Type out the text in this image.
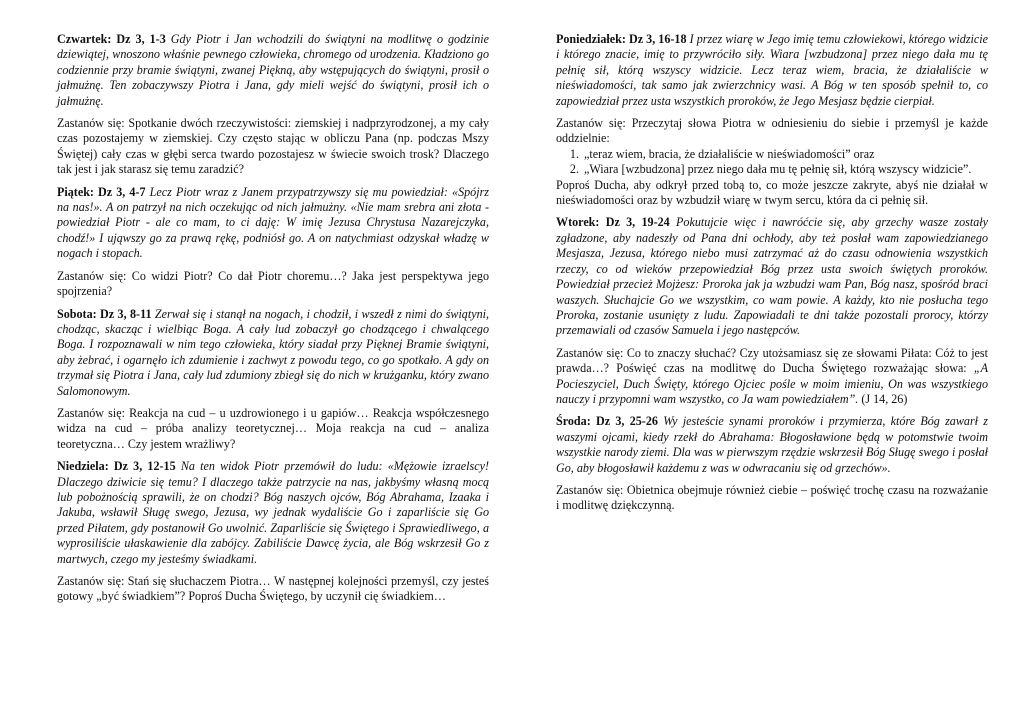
Czwartek: Dz 3, 1-3 Gdy Piotr i Jan wchodzili do świątyni na modlitwę o godzinie dziewiątej, wnoszono właśnie pewnego człowieka, chromego od urodzenia. Kładziono go codziennie przy bramie świątyni, zwanej Piękną, aby wstępujących do świątyni, prosił o jałmużnę. Ten zobaczywszy Piotra i Jana, gdy mieli wejść do świątyni, prosił ich o jałmużnę.

Zastanów się: Spotkanie dwóch rzeczywistości: ziemskiej i nadprzyrodzonej, a my cały czas pozostajemy w ziemskiej. Czy często stając w obliczu Pana (np. podczas Mszy Świętej) cały czas w głębi serca twardo pozostajesz w świecie swoich trosk? Dlaczego tak jest i jak starasz się temu zaradzić?

Piątek: Dz 3, 4-7 Lecz Piotr wraz z Janem przypatrzywszy się mu powiedział: «Spójrz na nas!». A on patrzył na nich oczekując od nich jałmużny. «Nie mam srebra ani złota - powiedział Piotr - ale co mam, to ci daję: W imię Jezusa Chrystusa Nazarejczyka, chodź!» I ująwszy go za prawą rękę, podniósł go. A on natychmiast odzyskał władzę w nogach i stopach.

Zastanów się: Co widzi Piotr? Co dał Piotr choremu…? Jaka jest perspektywa jego spojrzenia?

Sobota: Dz 3, 8-11 Zerwał się i stanął na nogach, i chodził, i wszedł z nimi do świątyni, chodząc, skacząc i wielbiąc Boga. A cały lud zobaczył go chodzącego i chwalącego Boga. I rozpoznawali w nim tego człowieka, który siadał przy Pięknej Bramie świątyni, aby żebrać, i ogarnęło ich zdumienie i zachwyt z powodu tego, co go spotkało. A gdy on trzymał się Piotra i Jana, cały lud zdumiony zbiegł się do nich w krużganku, który zwano Salomonowym.

Zastanów się: Reakcja na cud – u uzdrowionego i u gapiów… Reakcja współczesnego widza na cud – próba analizy teoretycznej… Moja reakcja na cud – analiza teoretyczna… Czy jestem wrażliwy?

Niedziela: Dz 3, 12-15 Na ten widok Piotr przemówił do ludu: «Mężowie izraelscy! Dlaczego dziwicie się temu? I dlaczego także patrzycie na nas, jakbyśmy własną mocą lub pobożnością sprawili, że on chodzi? Bóg naszych ojców, Bóg Abrahama, Izaaka i Jakuba, wsławił Sługę swego, Jezusa, wy jednak wydaliście Go i zaparliście się Go przed Piłatem, gdy postanowił Go uwolnić. Zaparliście się Świętego i Sprawiedliwego, a wyprosiliście ułaskawienie dla zabójcy. Zabiliście Dawcę życia, ale Bóg wskrzesił Go z martwych, czego my jesteśmy świadkami.

Zastanów się: Stań się słuchaczem Piotra… W następnej kolejności przemyśl, czy jesteś gotowy „być świadkiem”? Poproś Ducha Świętego, by uczynił cię świadkiem…

Poniedziałek: Dz 3, 16-18 I przez wiarę w Jego imię temu człowiekowi, którego widzicie i którego znacie, imię to przywróciło siły. Wiara [wzbudzona] przez niego dała mu tę pełnię sił, którą wszyscy widzicie. Lecz teraz wiem, bracia, że działaliście w nieświadomości, tak samo jak zwierzchnicy wasi. A Bóg w ten sposób spełnił to, co zapowiedział przez usta wszystkich proroków, że Jego Mesjasz będzie cierpiał.

Zastanów się: Przeczytaj słowa Piotra w odniesieniu do siebie i przemyśl je każde oddzielnie:
1. „teraz wiem, bracia, że działaliście w nieświadomości” oraz
2. „Wiara [wzbudzona] przez niego dała mu tę pełnię sił, którą wszyscy widzicie”.
Poproś Ducha, aby odkrył przed tobą to, co może jeszcze zakryte, abyś nie działał w nieświadomości oraz by wzbudził wiarę w twym sercu, która da ci pełnię sił.

Wtorek: Dz 3, 19-24 Pokutujcie więc i nawróćcie się, aby grzechy wasze zostały zgładzone, aby nadeszły od Pana dni ochłody, aby też posłał wam zapowiedzianego Mesjasza, Jezusa, którego niebo musi zatrzymać aż do czasu odnowienia wszystkich rzeczy, co od wieków przepowiedział Bóg przez usta swoich świętych proroków. Powiedział przecież Mojżesz: Proroka jak ja wzbudzi wam Pan, Bóg nasz, spośród braci waszych. Słuchajcie Go we wszystkim, co wam powie. A każdy, kto nie posłucha tego Proroka, zostanie usunięty z ludu. Zapowiadali te dni także pozostali prorocy, którzy przemawiali od czasów Samuela i jego następców.

Zastanów się: Co to znaczy słuchać? Czy utożsamiasz się ze słowami Piłata: Cóż to jest prawda…? Poświęć czas na modlitwę do Ducha Świętego rozważając słowa: „A Pocieszyciel, Duch Święty, którego Ojciec pośle w moim imieniu, On was wszystkiego nauczy i przypomni wam wszystko, co Ja wam powiedziałem”. (J 14, 26)

Środa: Dz 3, 25-26 Wy jesteście synami proroków i przymierza, które Bóg zawarł z waszymi ojcami, kiedy rzekł do Abrahama: Błogosławione będą w potomstwie twoim wszystkie narody ziemi. Dla was w pierwszym rzędzie wskrzesił Bóg Sługę swego i posłał Go, aby błogosławił każdemu z was w odwracaniu się od grzechów».

Zastanów się: Obietnica obejmuje również ciebie – poświęć trochę czasu na rozważanie i modlitwę dziękczynną.
